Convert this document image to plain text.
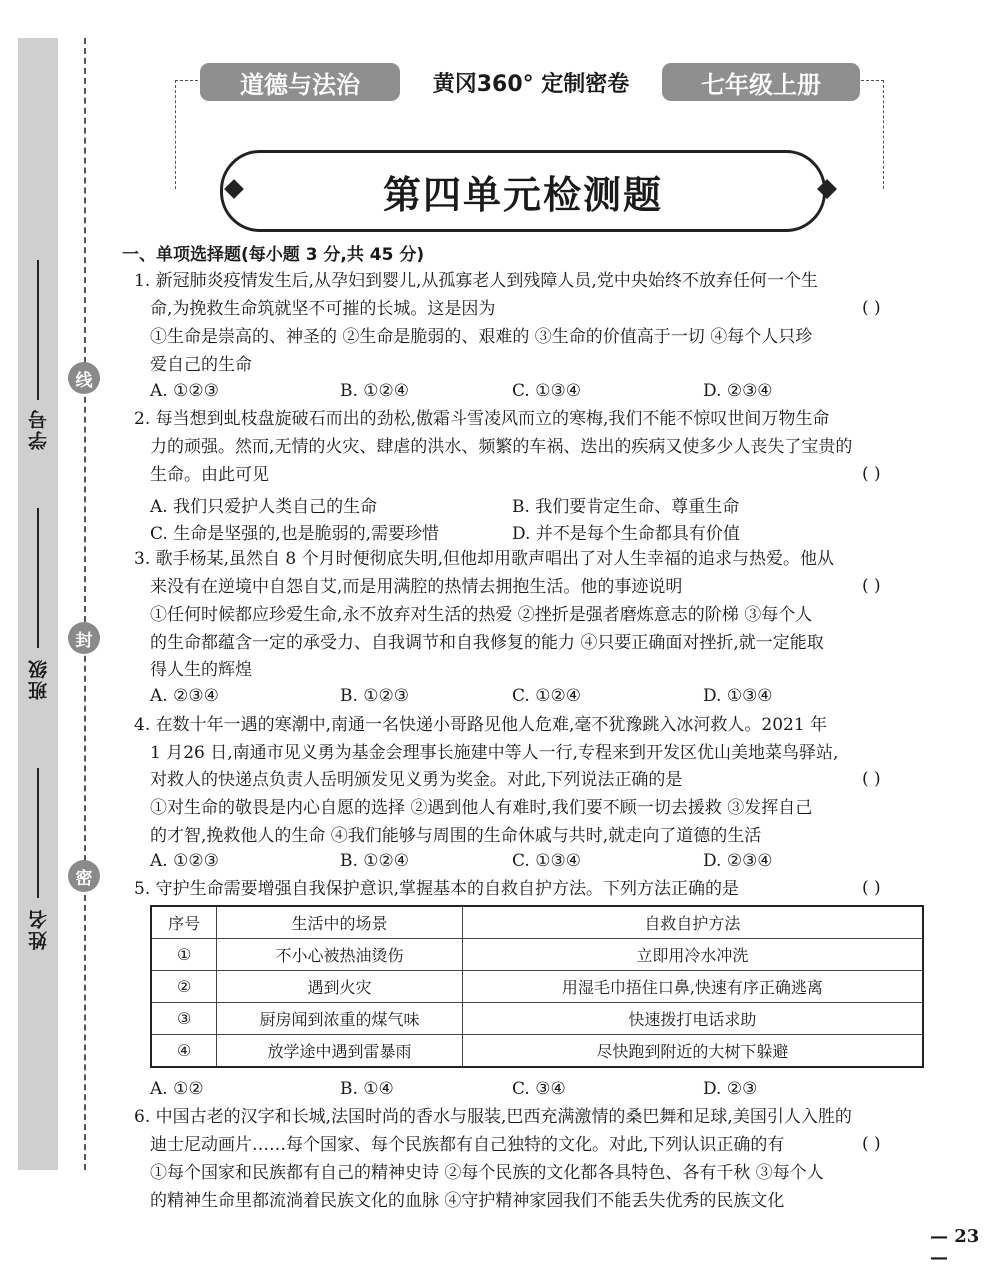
学号
班级
姓名
线
封
密
道德与法治	黄冈360° 定制密卷	七年级上册
第四单元检测题
一、单项选择题(每小题 3 分,共 45 分)
1. 新冠肺炎疫情发生后,从孕妇到婴儿,从孤寡老人到残障人员,党中央始终不放弃任何一个生
命,为挽救生命筑就坚不可摧的长城。这是因为	( )
①生命是崇高的、神圣的 ②生命是脆弱的、艰难的 ③生命的价值高于一切 ④每个人只珍
爱自己的生命
A. ①②③	B. ①②④	C. ①③④	D. ②③④
2. 每当想到虬枝盘旋破石而出的劲松,傲霜斗雪凌风而立的寒梅,我们不能不惊叹世间万物生命
力的顽强。然而,无情的火灾、肆虐的洪水、频繁的车祸、迭出的疾病又使多少人丧失了宝贵的
生命。由此可见	( )
A. 我们只爱护人类自己的生命	B. 我们要肯定生命、尊重生命
C. 生命是坚强的,也是脆弱的,需要珍惜	D. 并不是每个生命都具有价值
3. 歌手杨某,虽然自 8 个月时便彻底失明,但他却用歌声唱出了对人生幸福的追求与热爱。他从
来没有在逆境中自怨自艾,而是用满腔的热情去拥抱生活。他的事迹说明	( )
①任何时候都应珍爱生命,永不放弃对生活的热爱 ②挫折是强者磨炼意志的阶梯 ③每个人
的生命都蕴含一定的承受力、自我调节和自我修复的能力 ④只要正确面对挫折,就一定能取
得人生的辉煌
A. ②③④	B. ①②③	C. ①②④	D. ①③④
4. 在数十年一遇的寒潮中,南通一名快递小哥路见他人危难,毫不犹豫跳入冰河救人。2021 年
1 月26 日,南通市见义勇为基金会理事长施建中等人一行,专程来到开发区优山美地菜鸟驿站,
对救人的快递点负责人岳明颁发见义勇为奖金。对此,下列说法正确的是	( )
①对生命的敬畏是内心自愿的选择 ②遇到他人有难时,我们要不顾一切去援救 ③发挥自己
的才智,挽救他人的生命 ④我们能够与周围的生命休戚与共时,就走向了道德的生活
A. ①②③	B. ①②④	C. ①③④	D. ②③④
5. 守护生命需要增强自我保护意识,掌握基本的自救自护方法。下列方法正确的是	( )
序号	生活中的场景	自救自护方法
①	不小心被热油烫伤	立即用冷水冲洗
②	遇到火灾	用湿毛巾捂住口鼻,快速有序正确逃离
③	厨房闻到浓重的煤气味	快速拨打电话求助
④	放学途中遇到雷暴雨	尽快跑到附近的大树下躲避
A. ①②	B. ①④	C. ③④	D. ②③
6. 中国古老的汉字和长城,法国时尚的香水与服装,巴西充满激情的桑巴舞和足球,美国引人入胜的
迪士尼动画片……每个国家、每个民族都有自己独特的文化。对此,下列认识正确的有	( )
①每个国家和民族都有自己的精神史诗 ②每个民族的文化都各具特色、各有千秋 ③每个人
的精神生命里都流淌着民族文化的血脉 ④守护精神家园我们不能丢失优秀的民族文化
— 23 —
